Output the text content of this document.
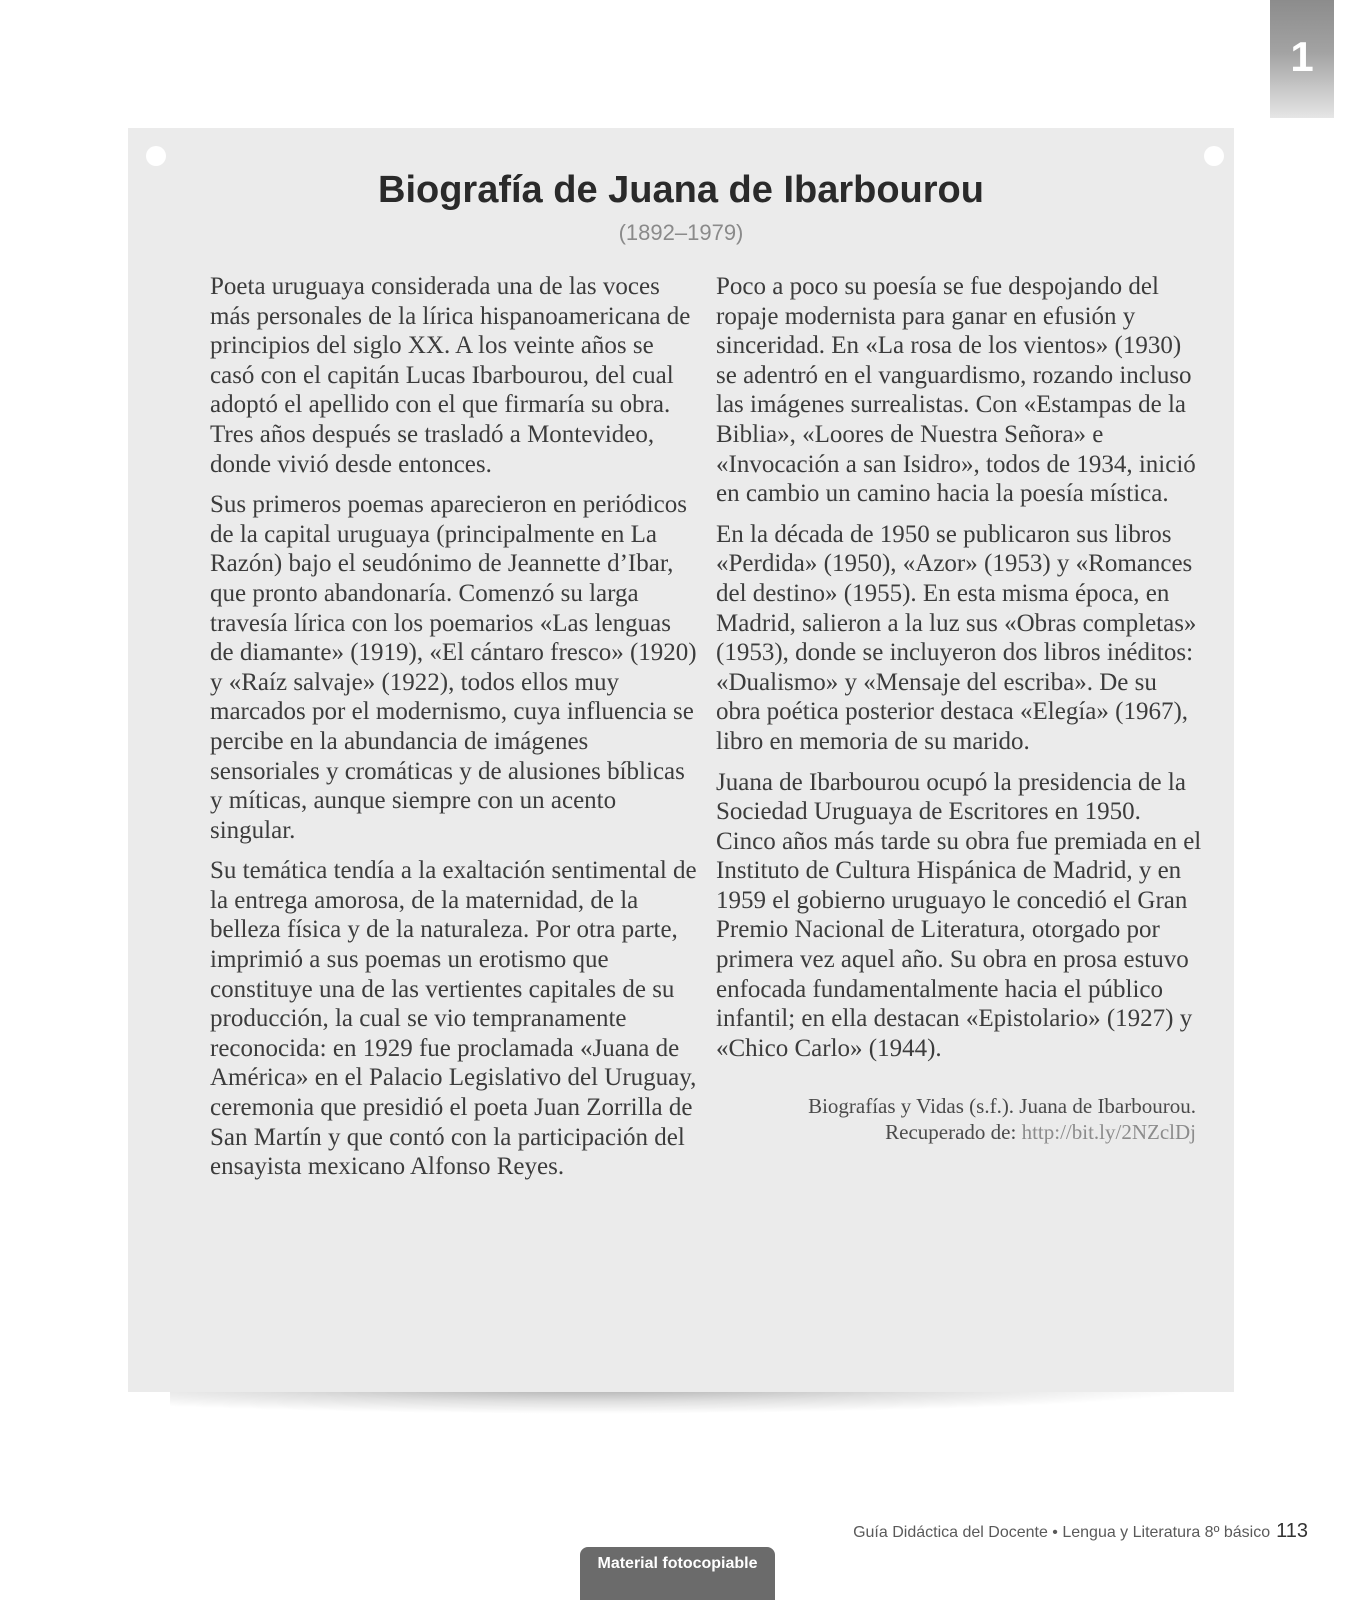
1
Biografía de Juana de Ibarbourou
(1892–1979)

Poeta uruguaya considerada una de las voces más personales de la lírica hispanoamericana de principios del siglo XX. A los veinte años se casó con el capitán Lucas Ibarbourou, del cual adoptó el apellido con el que firmaría su obra. Tres años después se trasladó a Montevideo, donde vivió desde entonces.

Sus primeros poemas aparecieron en periódicos de la capital uruguaya (principalmente en La Razón) bajo el seudónimo de Jeannette d’Ibar, que pronto abandonaría. Comenzó su larga travesía lírica con los poemarios «Las lenguas de diamante» (1919), «El cántaro fresco» (1920) y «Raíz salvaje» (1922), todos ellos muy marcados por el modernismo, cuya influencia se percibe en la abundancia de imágenes sensoriales y cromáticas y de alusiones bíblicas y míticas, aunque siempre con un acento singular.

Su temática tendía a la exaltación sentimental de la entrega amorosa, de la maternidad, de la belleza física y de la naturaleza. Por otra parte, imprimió a sus poemas un erotismo que constituye una de las vertientes capitales de su producción, la cual se vio tempranamente reconocida: en 1929 fue proclamada «Juana de América» en el Palacio Legislativo del Uruguay, ceremonia que presidió el poeta Juan Zorrilla de San Martín y que contó con la participación del ensayista mexicano Alfonso Reyes.

Poco a poco su poesía se fue despojando del ropaje modernista para ganar en efusión y sinceridad. En «La rosa de los vientos» (1930) se adentró en el vanguardismo, rozando incluso las imágenes surrealistas. Con «Estampas de la Biblia», «Loores de Nuestra Señora» e «Invocación a san Isidro», todos de 1934, inició en cambio un camino hacia la poesía mística.

En la década de 1950 se publicaron sus libros «Perdida» (1950), «Azor» (1953) y «Romances del destino» (1955). En esta misma época, en Madrid, salieron a la luz sus «Obras completas» (1953), donde se incluyeron dos libros inéditos: «Dualismo» y «Mensaje del escriba». De su obra poética posterior destaca «Elegía» (1967), libro en memoria de su marido.

Juana de Ibarbourou ocupó la presidencia de la Sociedad Uruguaya de Escritores en 1950. Cinco años más tarde su obra fue premiada en el Instituto de Cultura Hispánica de Madrid, y en 1959 el gobierno uruguayo le concedió el Gran Premio Nacional de Literatura, otorgado por primera vez aquel año. Su obra en prosa estuvo enfocada fundamentalmente hacia el público infantil; en ella destacan «Epistolario» (1927) y «Chico Carlo» (1944).

Biografías y Vidas (s.f.). Juana de Ibarbourou.
Recuperado de: http://bit.ly/2NZclDj
Guía Didáctica del Docente • Lengua y Literatura 8º básico 113
Material fotocopiable
